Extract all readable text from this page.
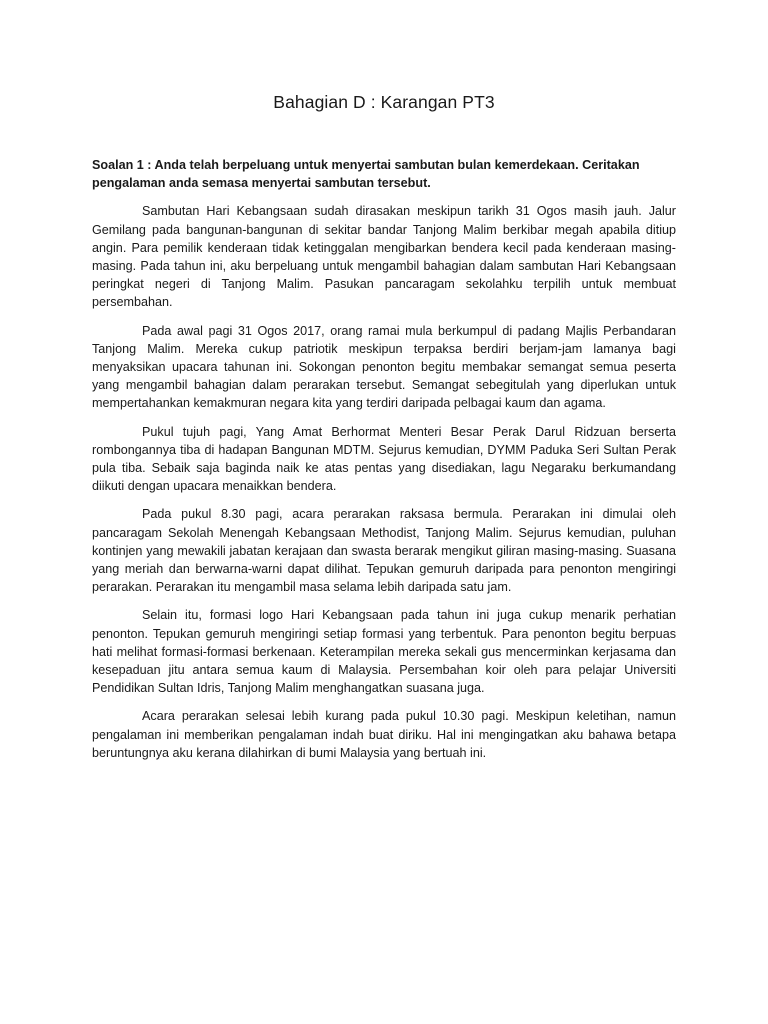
Bahagian D : Karangan PT3

Soalan 1 : Anda telah berpeluang untuk menyertai sambutan bulan kemerdekaan. Ceritakan pengalaman anda semasa menyertai sambutan tersebut.

Sambutan Hari Kebangsaan sudah dirasakan meskipun tarikh 31 Ogos masih jauh. Jalur Gemilang pada bangunan-bangunan di sekitar bandar Tanjong Malim berkibar megah apabila ditiup angin. Para pemilik kenderaan tidak ketinggalan mengibarkan bendera kecil pada kenderaan masing-masing. Pada tahun ini, aku berpeluang untuk mengambil bahagian dalam sambutan Hari Kebangsaan peringkat negeri di Tanjong Malim. Pasukan pancaragam sekolahku terpilih untuk membuat persembahan.

Pada awal pagi 31 Ogos 2017, orang ramai mula berkumpul di padang Majlis Perbandaran Tanjong Malim. Mereka cukup patriotik meskipun terpaksa berdiri berjam-jam lamanya bagi menyaksikan upacara tahunan ini. Sokongan penonton begitu membakar semangat semua peserta yang mengambil bahagian dalam perarakan tersebut. Semangat sebegitulah yang diperlukan untuk mempertahankan kemakmuran negara kita yang terdiri daripada pelbagai kaum dan agama.

Pukul tujuh pagi, Yang Amat Berhormat Menteri Besar Perak Darul Ridzuan berserta rombongannya tiba di hadapan Bangunan MDTM. Sejurus kemudian, DYMM Paduka Seri Sultan Perak pula tiba. Sebaik saja baginda naik ke atas pentas yang disediakan, lagu Negaraku berkumandang diikuti dengan upacara menaikkan bendera.

Pada pukul 8.30 pagi, acara perarakan raksasa bermula. Perarakan ini dimulai oleh pancaragam Sekolah Menengah Kebangsaan Methodist, Tanjong Malim. Sejurus kemudian, puluhan kontinjen yang mewakili jabatan kerajaan dan swasta berarak mengikut giliran masing-masing. Suasana yang meriah dan berwarna-warni dapat dilihat. Tepukan gemuruh daripada para penonton mengiringi perarakan. Perarakan itu mengambil masa selama lebih daripada satu jam.

Selain itu, formasi logo Hari Kebangsaan pada tahun ini juga cukup menarik perhatian penonton. Tepukan gemuruh mengiringi setiap formasi yang terbentuk. Para penonton begitu berpuas hati melihat formasi-formasi berkenaan. Keterampilan mereka sekali gus mencerminkan kerjasama dan kesepaduan jitu antara semua kaum di Malaysia. Persembahan koir oleh para pelajar Universiti Pendidikan Sultan Idris, Tanjong Malim menghangatkan suasana juga.

Acara perarakan selesai lebih kurang pada pukul 10.30 pagi. Meskipun keletihan, namun pengalaman ini memberikan pengalaman indah buat diriku. Hal ini mengingatkan aku bahawa betapa beruntungnya aku kerana dilahirkan di bumi Malaysia yang bertuah ini.
